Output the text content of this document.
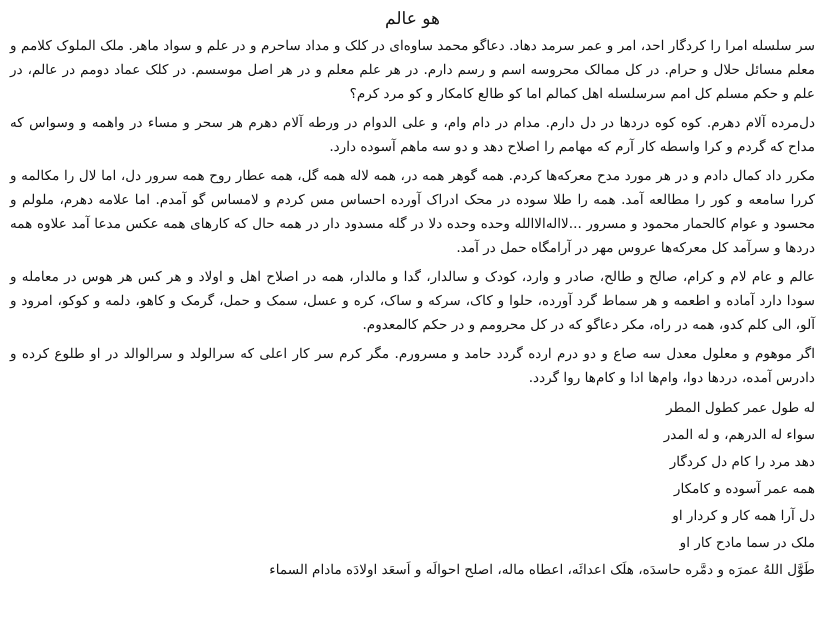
هو عالم

سر سلسله امرا را کردگار احد، امر و عمر سرمد دهاد. دعاگو محمد ساوه‌ای در کلک و مداد ساحرم و در علم و سواد ماهر. ملک الملوک کلامم و معلم مسائل حلال و حرام. در کل ممالک محروسه اسم و رسم دارم. در هر علم معلم و در هر اصل موسسم. در کلک عماد دومم در عالم، در علم و حکم مسلم کل امم سرسلسله اهل کمالم اما کو طالع کامکار و کو مرد کرم؟

دل‌مرده آلام دهرم. کوه کوه دردها در دل دارم. مدام در دام وام، و علی الدوام در ورطه آلام دهرم هر سحر و مساء در واهمه و وسواس که مداح که گردم و کرا واسطه کار آرم که مهامم را اصلاح دهد و دو سه ماهم آسوده دارد.

مکرر داد کمال دادم و در هر مورد مدح معرکه‌ها کردم. همه گوهر همه در، همه لاله همه گل، همه عطار روح همه سرور دل، اما لال را مکالمه و کررا سامعه و کور را مطالعه آمد. همه را طلا سوده در محک ادراک آورده احساس مس کردم و لامساس گو آمدم. اما علامه دهرم، ملولم و محسود و عوام کالحمار محمود و مسرور ...لااله‌الاالله وحده وحده دلا در گله مسدود دار در همه حال که کارهای همه عکس مدعا آمد علاوه همه دردها و سرآمد کل معرکه‌ها عروس مهر در آرامگاه حمل در آمد.

عالم و عام لام و کرام، صالح و طالح، صادر و وارد، کودک و سالدار، گدا و مالدار، همه در اصلاح اهل و اولاد و هر کس هر هوس در معامله و سودا دارد آماده و اطعمه و هر سماط گرد آورده، حلوا و کاک، سرکه و ساک، کره و عسل، سمک و حمل، گرمک و کاهو، دلمه و کوکو، امرود و آلو، الی کلم کدو، همه در راه، مکر دعاگو که در کل محرومم و در حکم کالمعدوم.

اگر موهوم و معلول معدل سه صاع و دو درم ارده گردد حامد و مسرورم. مگر کرم سر کار اعلی که سرالولد و سرالوالد در او طلوع کرده و دادرس آمده، دردها دوا، وام‌ها ادا و کام‌ها روا گردد.

له طول عمر کطول المطر
سواء له الدرهم، و له المدر
دهد مرد را کام دل کردگار
همه عمر آسوده و کامکار
دل آرا همه کار و کردار او
ملک در سما مادح کار او
طَوَّل اللهُ عمرَه و دمَّره حاسدَه، هلَک اعدائَه، اعطاه ماله، اصلح احوالَه و اَسعَد اولادَه مادام السماء
